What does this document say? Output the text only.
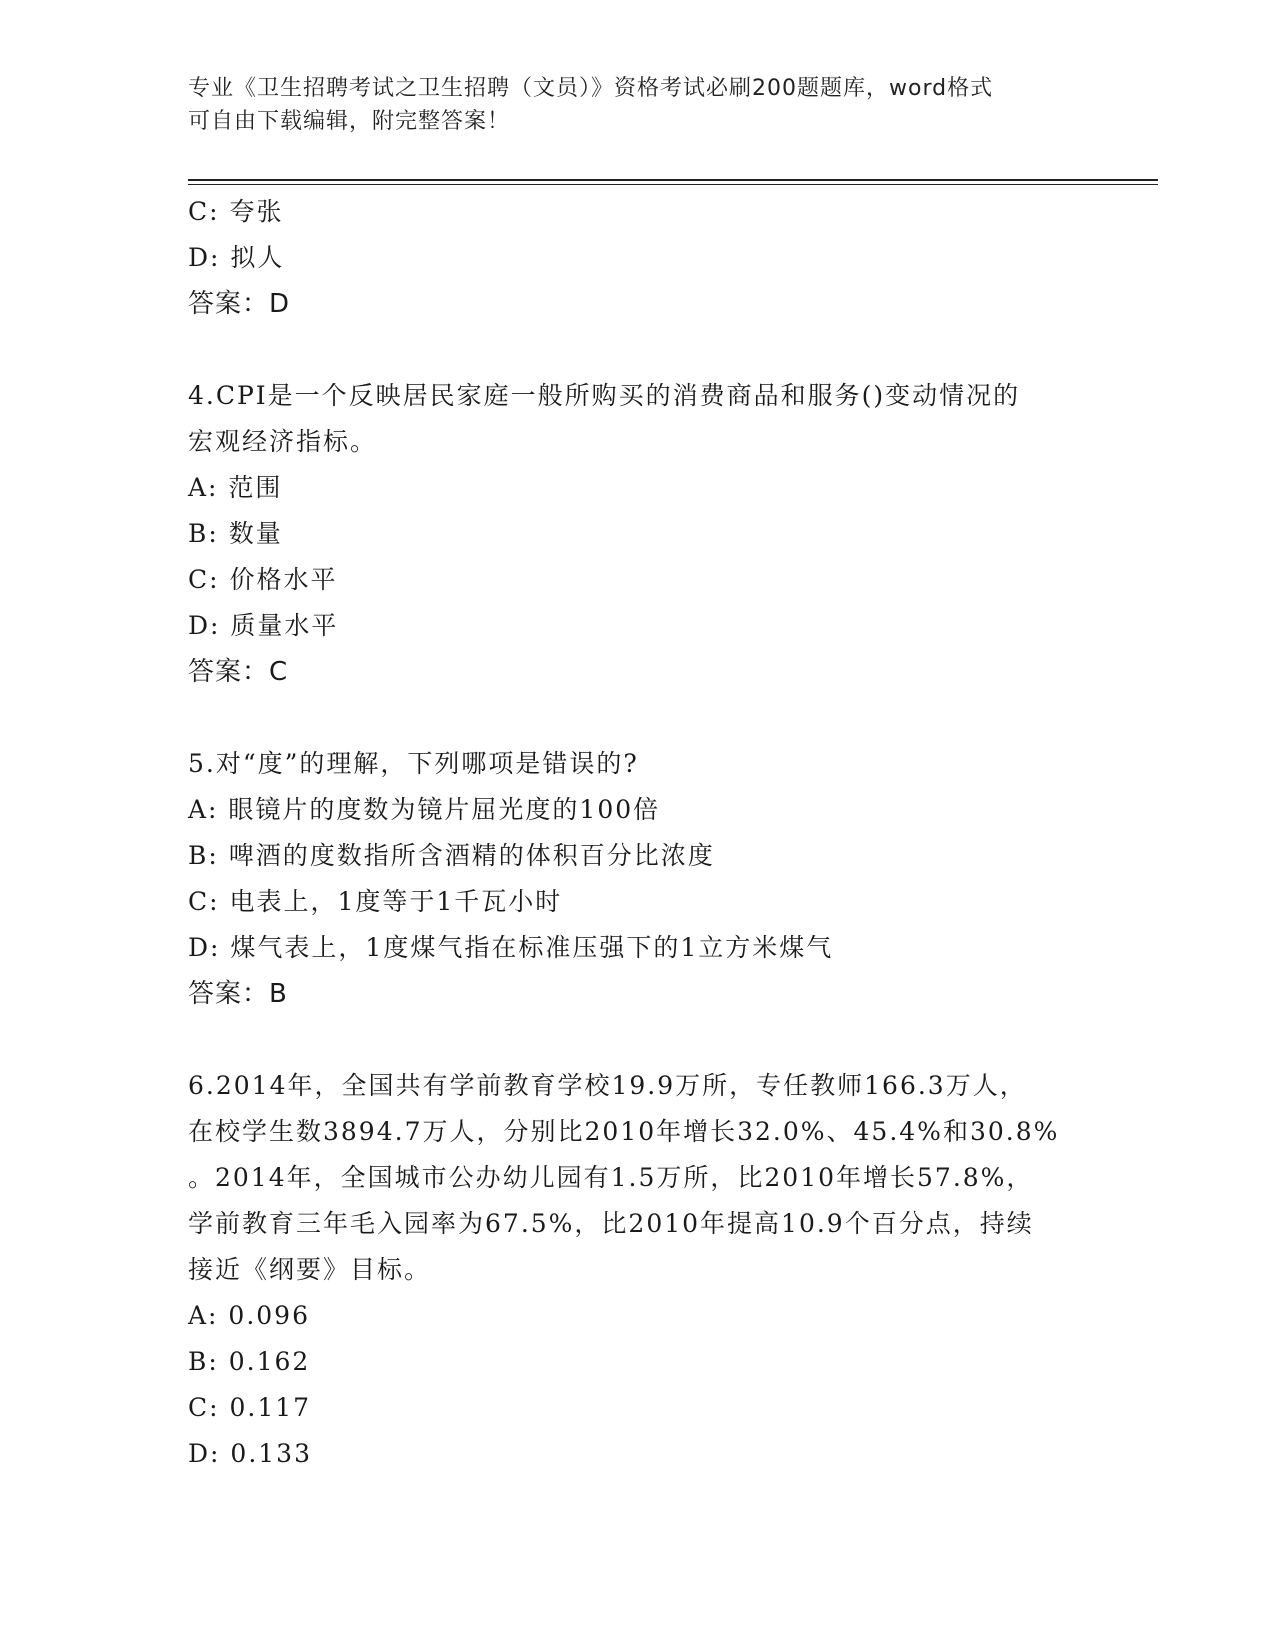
专业《卫生招聘考试之卫生招聘（文员）》资格考试必刷200题题库，word格式
可自由下载编辑，附完整答案！
C: 夸张
D: 拟人
答案：D
4.CPI是一个反映居民家庭一般所购买的消费商品和服务()变动情况的
宏观经济指标。
A: 范围
B: 数量
C: 价格水平
D: 质量水平
答案：C
5.对“度”的理解，下列哪项是错误的?
A: 眼镜片的度数为镜片屈光度的100倍
B: 啤酒的度数指所含酒精的体积百分比浓度
C: 电表上，1度等于1千瓦小时
D: 煤气表上，1度煤气指在标准压强下的1立方米煤气
答案：B
6.2014年，全国共有学前教育学校19.9万所，专任教师166.3万人，
在校学生数3894.7万人，分别比2010年增长32.0%、45.4%和30.8%
。2014年，全国城市公办幼儿园有1.5万所，比2010年增长57.8%，
学前教育三年毛入园率为67.5%，比2010年提高10.9个百分点，持续
接近《纲要》目标。
A: 0.096
B: 0.162
C: 0.117
D: 0.133
